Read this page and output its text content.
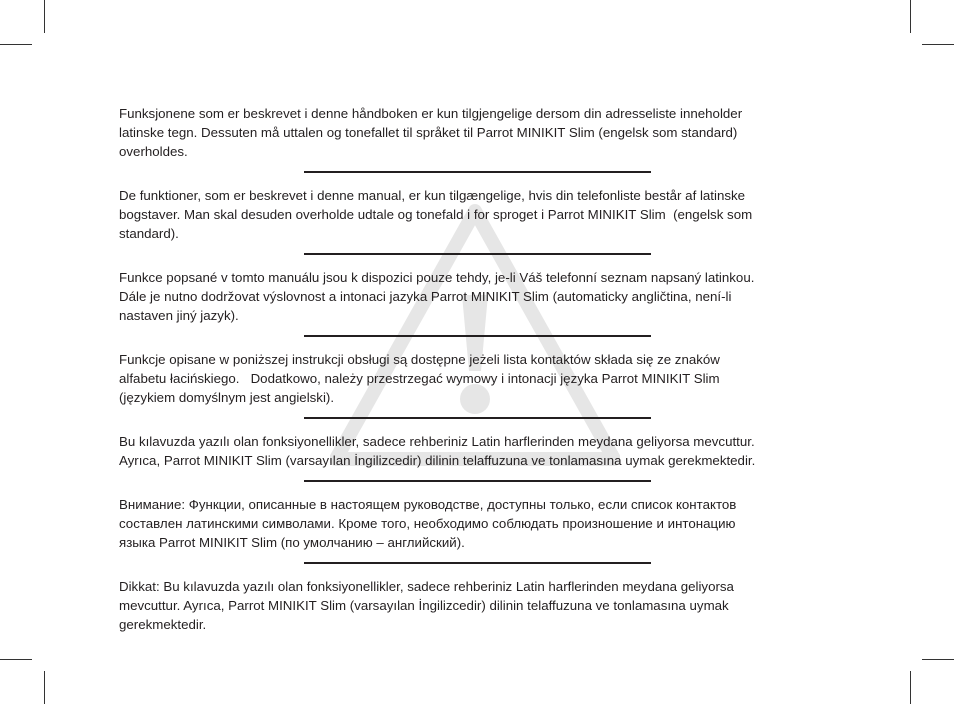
Funksjonene som er beskrevet i denne håndboken er kun tilgjengelige dersom din adresseliste inneholder
latinske tegn. Dessuten må uttalen og tonefallet til språket til Parrot MINIKIT Slim (engelsk som standard)
overholdes.

De funktioner, som er beskrevet i denne manual, er kun tilgængelige, hvis din telefonliste består af latinske
bogstaver. Man skal desuden overholde udtale og tonefald i for sproget i Parrot MINIKIT Slim  (engelsk som
standard).

Funkce popsané v tomto manuálu jsou k dispozici pouze tehdy, je-li Váš telefonní seznam napsaný latinkou.
Dále je nutno dodržovat výslovnost a intonaci jazyka Parrot MINIKIT Slim (automaticky angličtina, není-li
nastaven jiný jazyk).

Funkcje opisane w poniższej instrukcji obsługi są dostępne jeżeli lista kontaktów składa się ze znaków
alfabetu łacińskiego.   Dodatkowo, należy przestrzegać wymowy i intonacji języka Parrot MINIKIT Slim
(językiem domyślnym jest angielski).

Bu kılavuzda yazılı olan fonksiyonellikler, sadece rehberiniz Latin harflerinden meydana geliyorsa mevcuttur.
Ayrıca, Parrot MINIKIT Slim (varsayılan İngilizcedir) dilinin telaffuzuna ve tonlamasına uymak gerekmektedir.

Внимание: Функции, описанные в настоящем руководстве, доступны только, если список контактов
составлен латинскими символами. Кроме того, необходимо соблюдать произношение и интонацию
языка Parrot MINIKIT Slim (по умолчанию – английский).

Dikkat: Bu kılavuzda yazılı olan fonksiyonellikler, sadece rehberiniz Latin harflerinden meydana geliyorsa
mevcuttur. Ayrıca, Parrot MINIKIT Slim (varsayılan İngilizcedir) dilinin telaffuzuna ve tonlamasına uymak
gerekmektedir.
